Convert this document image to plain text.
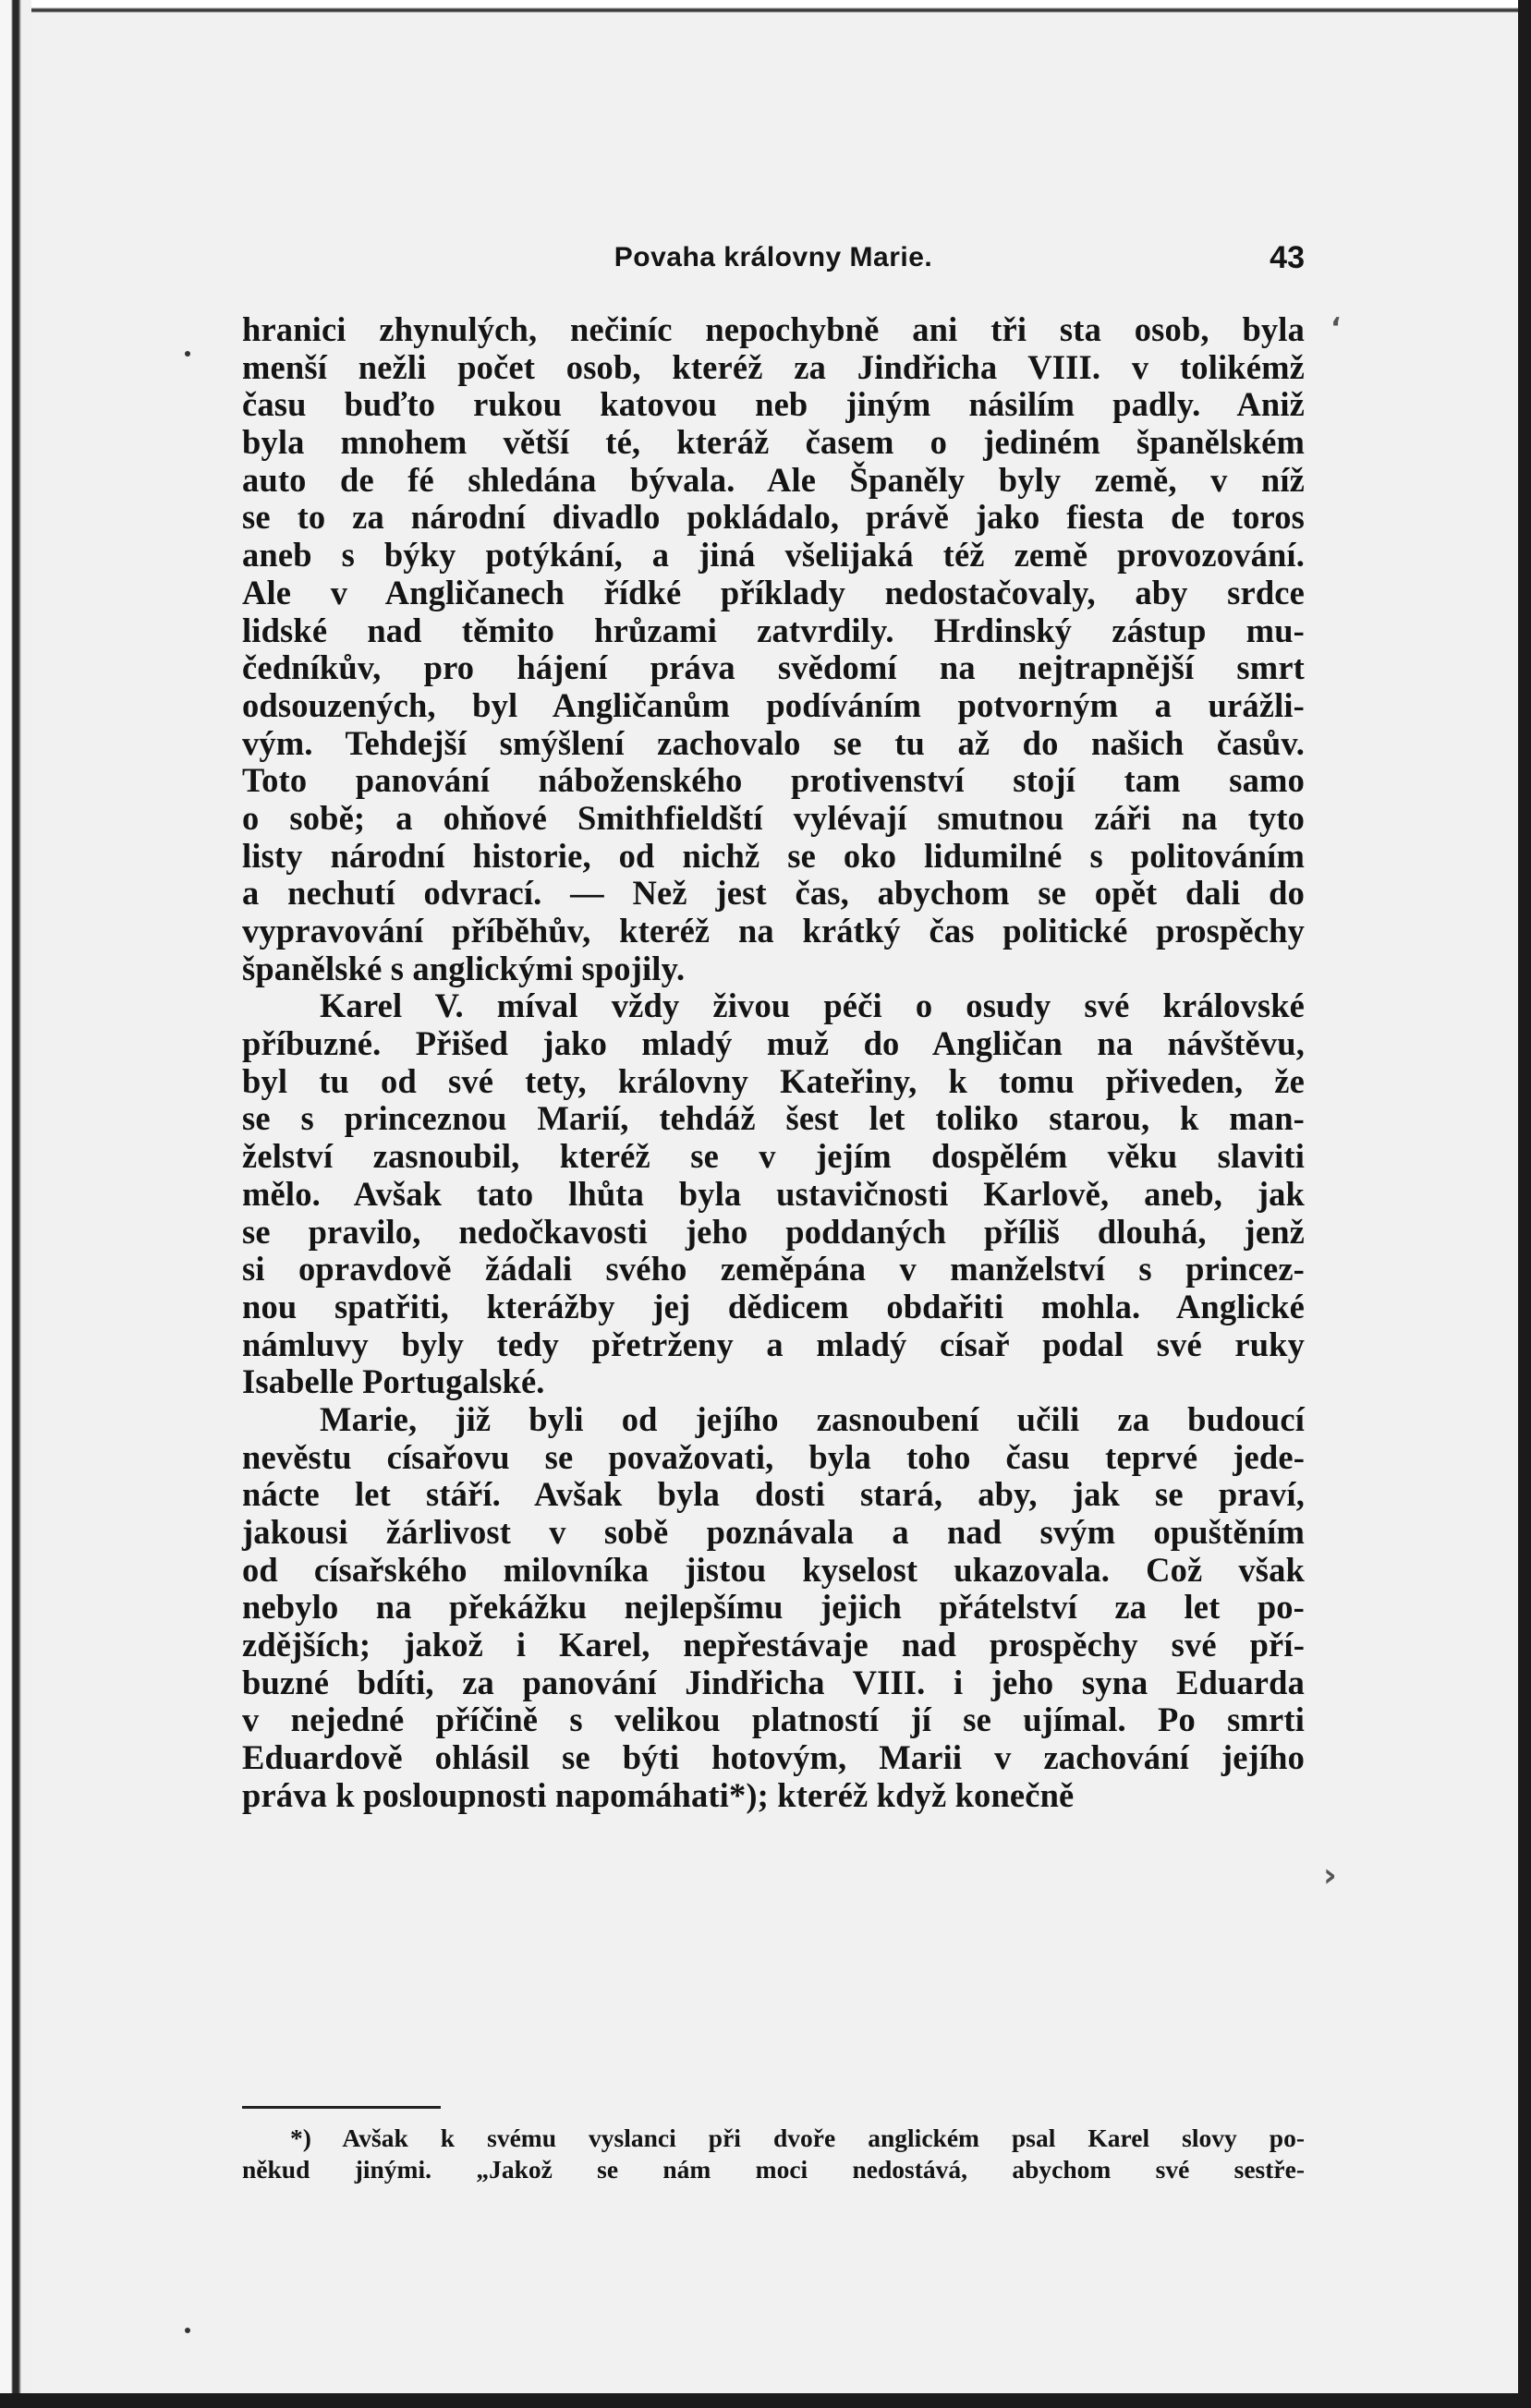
Povaha královny Marie.	43
hranici zhynulých, nečiníc nepochybně ani tři sta osob, byla
menší nežli počet osob, kteréž za Jindřicha VIII. v tolikémž
času buďto rukou katovou neb jiným násilím padly. Aniž
byla mnohem větší té, kteráž časem o jediném španělském
auto de fé shledána bývala. Ale Španěly byly země, v níž
se to za národní divadlo pokládalo, právě jako fiesta de toros
aneb s býky potýkání, a jiná všelijaká též země provozování.
Ale v Angličanech řídké příklady nedostačovaly, aby srdce
lidské nad těmito hrůzami zatvrdily. Hrdinský zástup mu-
čedníkův, pro hájení práva svědomí na nejtrapnější smrt
odsouzených, byl Angličanům podíváním potvorným a urážli-
vým. Tehdejší smýšlení zachovalo se tu až do našich časův.
Toto panování náboženského protivenství stojí tam samo
o sobě; a ohňové Smithfieldští vylévají smutnou záři na tyto
listy národní historie, od nichž se oko lidumilné s politováním
a nechutí odvrací. — Než jest čas, abychom se opět dali do
vypravování příběhův, kteréž na krátký čas politické prospěchy
španělské s anglickými spojily.
Karel V. míval vždy živou péči o osudy své královské
příbuzné. Přišed jako mladý muž do Angličan na návštěvu,
byl tu od své tety, královny Kateřiny, k tomu přiveden, že
se s princeznou Marií, tehdáž šest let toliko starou, k man-
želství zasnoubil, kteréž se v jejím dospělém věku slaviti
mělo. Avšak tato lhůta byla ustavičnosti Karlově, aneb, jak
se pravilo, nedočkavosti jeho poddaných příliš dlouhá, jenž
si opravdově žádali svého zeměpána v manželství s princez-
nou spatřiti, kterážby jej dědicem obdařiti mohla. Anglické
námluvy byly tedy přetrženy a mladý císař podal své ruky
Isabelle Portugalské.
Marie, již byli od jejího zasnoubení učili za budoucí
nevěstu císařovu se považovati, byla toho času teprvé jede-
nácte let stáří. Avšak byla dosti stará, aby, jak se praví,
jakousi žárlivost v sobě poznávala a nad svým opuštěním
od císařského milovníka jistou kyselost ukazovala. Což však
nebylo na překážku nejlepšímu jejich přátelství za let po-
zdějších; jakož i Karel, nepřestávaje nad prospěchy své pří-
buzné bdíti, za panování Jindřicha VIII. i jeho syna Eduarda
v nejedné příčině s velikou platností jí se ujímal. Po smrti
Eduardově ohlásil se býti hotovým, Marii v zachování jejího
práva k posloupnosti napomáhati*); kteréž když konečně
*) Avšak k svému vyslanci při dvoře anglickém psal Karel slovy po-
někud jinými. „Jakož se nám moci nedostává, abychom své sestře-
‘
›
